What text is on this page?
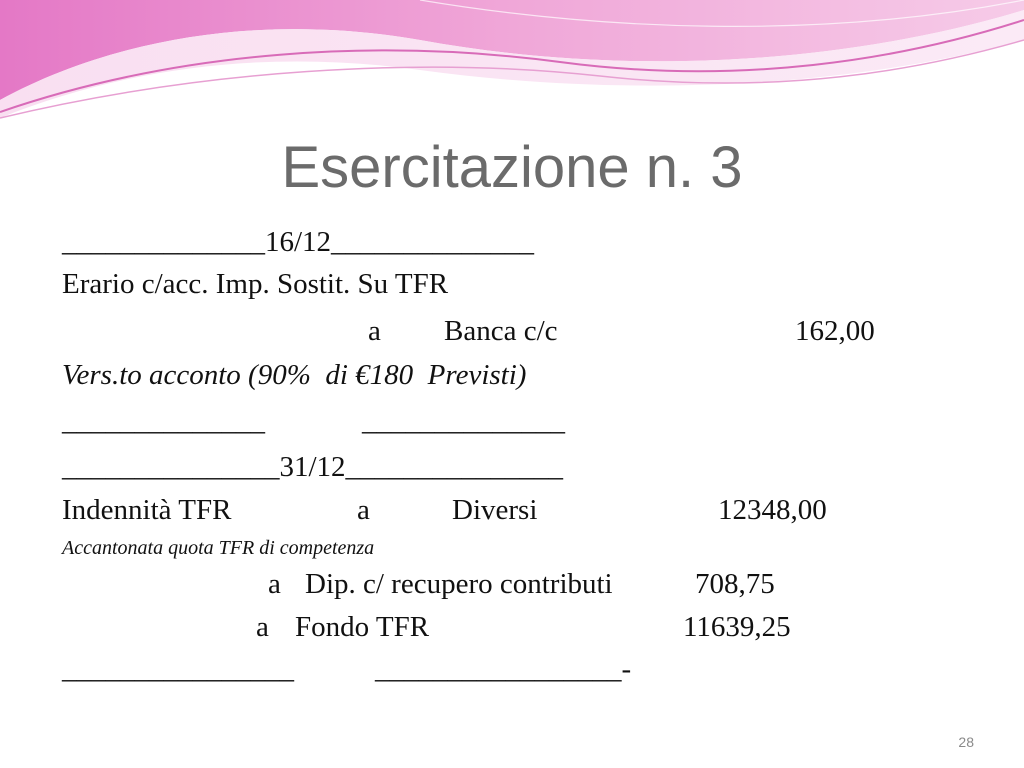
Esercitazione n. 3
______________16/12______________
Erario c/acc. Imp. Sostit. Su TFR
a Banca c/c	162,00
Vers.to acconto (90%  di €180  Previsti)
______________	______________
_______________31/12_______________
Indennità TFR	a	Diversi	12348,00
Accantonata quota TFR di competenza
a Dip. c/ recupero contributi	708,75
a Fondo TFR	11639,25
________________	_________________-
28
